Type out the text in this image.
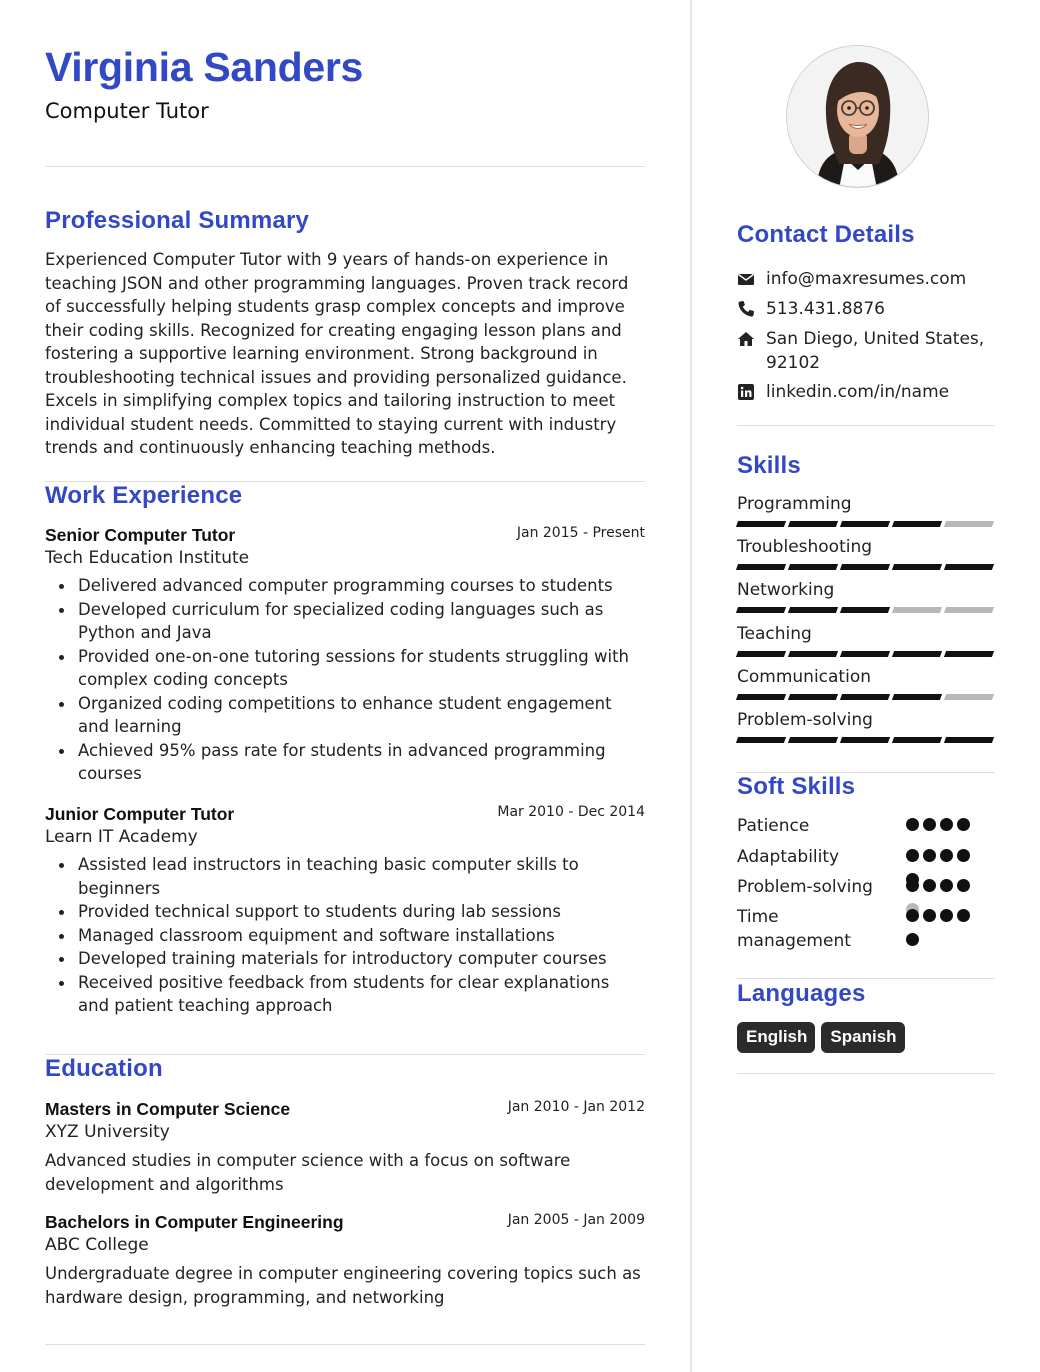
Virginia Sanders
Computer Tutor
Professional Summary
Experienced Computer Tutor with 9 years of hands-on experience in teaching JSON and other programming languages. Proven track record of successfully helping students grasp complex concepts and improve their coding skills. Recognized for creating engaging lesson plans and fostering a supportive learning environment. Strong background in troubleshooting technical issues and providing personalized guidance. Excels in simplifying complex topics and tailoring instruction to meet individual student needs. Committed to staying current with industry trends and continuously enhancing teaching methods.
Work Experience
Senior Computer Tutor	Jan 2015 - Present
Tech Education Institute
Delivered advanced computer programming courses to students
Developed curriculum for specialized coding languages such as Python and Java
Provided one-on-one tutoring sessions for students struggling with complex coding concepts
Organized coding competitions to enhance student engagement and learning
Achieved 95% pass rate for students in advanced programming courses
Junior Computer Tutor	Mar 2010 - Dec 2014
Learn IT Academy
Assisted lead instructors in teaching basic computer skills to beginners
Provided technical support to students during lab sessions
Managed classroom equipment and software installations
Developed training materials for introductory computer courses
Received positive feedback from students for clear explanations and patient teaching approach
Education
Masters in Computer Science	Jan 2010 - Jan 2012
XYZ University
Advanced studies in computer science with a focus on software development and algorithms
Bachelors in Computer Engineering	Jan 2005 - Jan 2009
ABC College
Undergraduate degree in computer engineering covering topics such as hardware design, programming, and networking
Contact Details
info@maxresumes.com
513.431.8876
San Diego, United States, 92102
linkedin.com/in/name
Skills
Programming
Troubleshooting
Networking
Teaching
Communication
Problem-solving
Soft Skills
Patience
Adaptability
Problem-solving
Time management
Languages
English	Spanish
